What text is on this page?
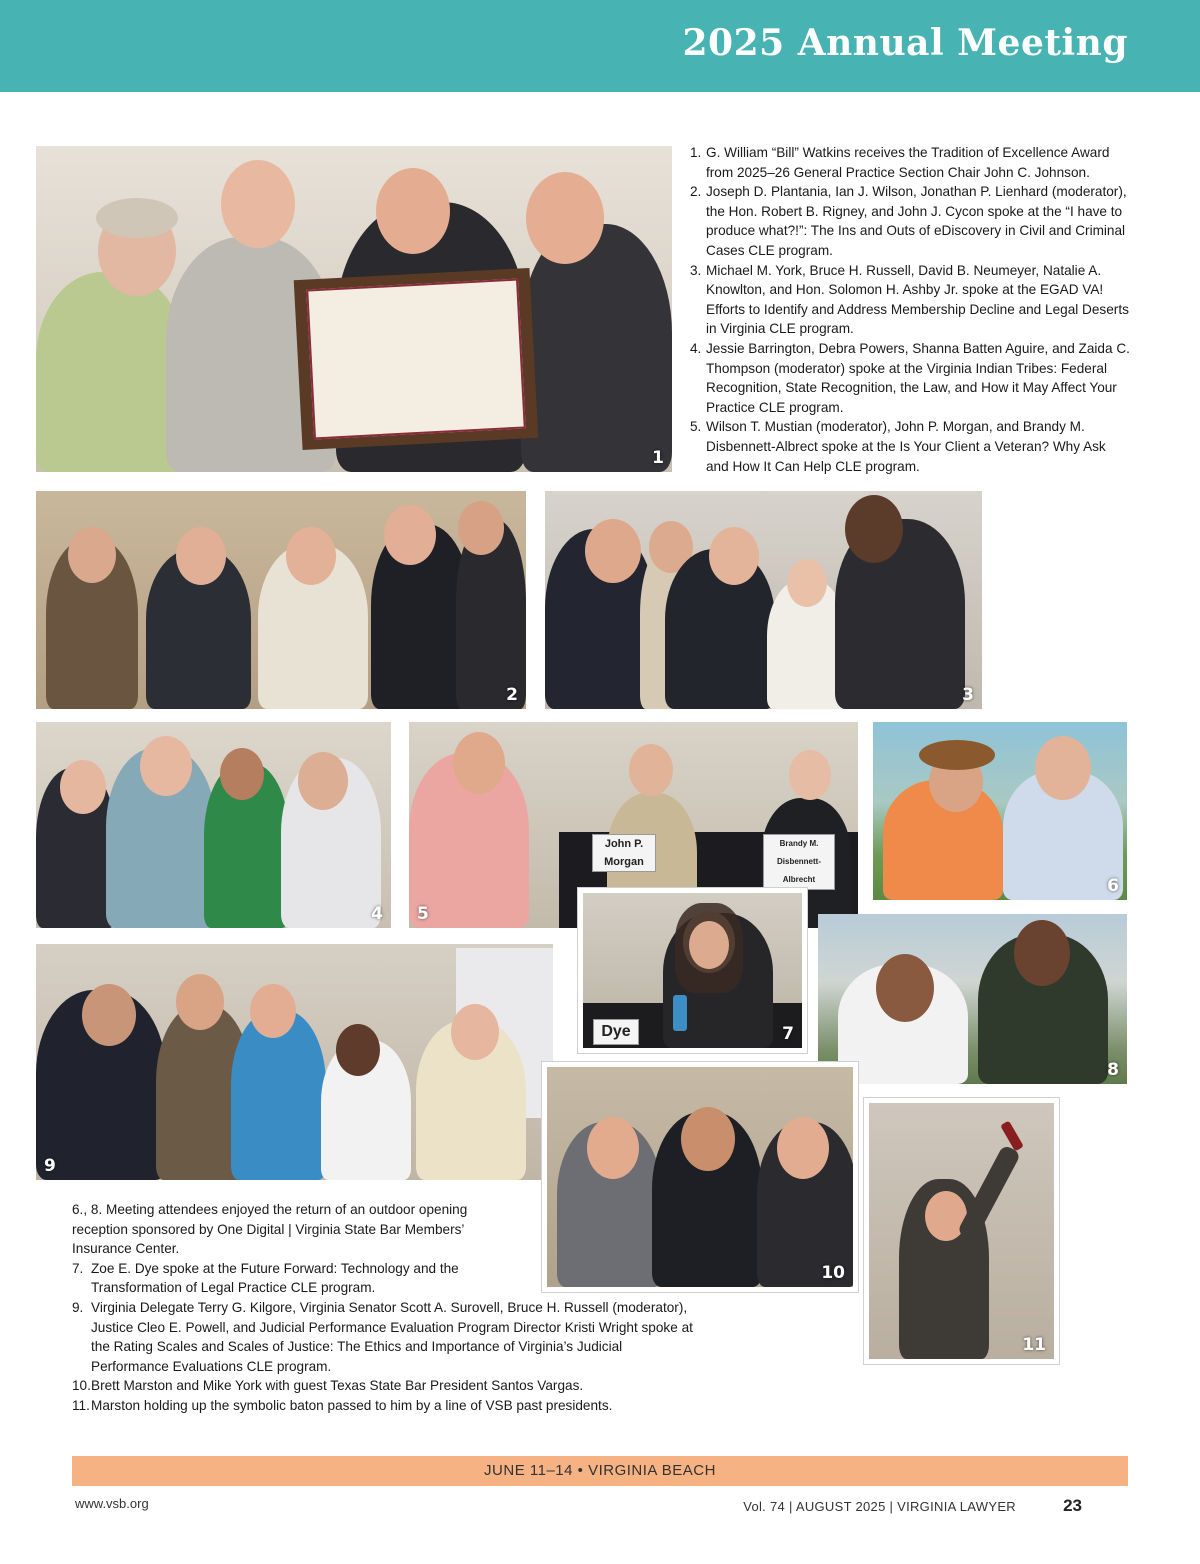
2025 Annual Meeting
1
1. G. William “Bill” Watkins receives the Tradition of Excellence Award from 2025–26 General Practice Section Chair John C. Johnson.
2. Joseph D. Plantania, Ian J. Wilson, Jonathan P. Lienhard (moderator), the Hon. Robert B. Rigney, and John J. Cycon spoke at the “I have to produce what?!”: The Ins and Outs of eDiscovery in Civil and Criminal Cases CLE program.
3. Michael M. York, Bruce H. Russell, David B. Neumeyer, Natalie A. Knowlton, and Hon. Solomon H. Ashby Jr. spoke at the EGAD VA! Efforts to Identify and Address Membership Decline and Legal Deserts in Virginia CLE program.
4. Jessie Barrington, Debra Powers, Shanna Batten Aguire, and Zaida C. Thompson (moderator) spoke at the Virginia Indian Tribes: Federal Recognition, State Recognition, the Law, and How it May Affect Your Practice CLE program.
5. Wilson T. Mustian (moderator), John P. Morgan, and Brandy M. Disbennett-Albrect spoke at the Is Your Client a Veteran? Why Ask and How It Can Help CLE program.
2	3
4
John P. Morgan
Brandy M. Disbennett-Albrecht
5
6
9
Dye	7
8
10
11
6., 8. Meeting attendees enjoyed the return of an outdoor opening reception sponsored by One Digital | Virginia State Bar Members’ Insurance Center.
7. Zoe E. Dye spoke at the Future Forward: Technology and the Transformation of Legal Practice CLE program.
9. Virginia Delegate Terry G. Kilgore, Virginia Senator Scott A. Surovell, Bruce H. Russell (moderator), Justice Cleo E. Powell, and Judicial Performance Evaluation Program Director Kristi Wright spoke at the Rating Scales and Scales of Justice: The Ethics and Importance of Virginia’s Judicial Performance Evaluations CLE program.
10. Brett Marston and Mike York with guest Texas State Bar President Santos Vargas.
11. Marston holding up the symbolic baton passed to him by a line of VSB past presidents.
JUNE 11–14 • VIRGINIA BEACH
www.vsb.org	Vol. 74 | AUGUST 2025 | VIRGINIA LAWYER	23
